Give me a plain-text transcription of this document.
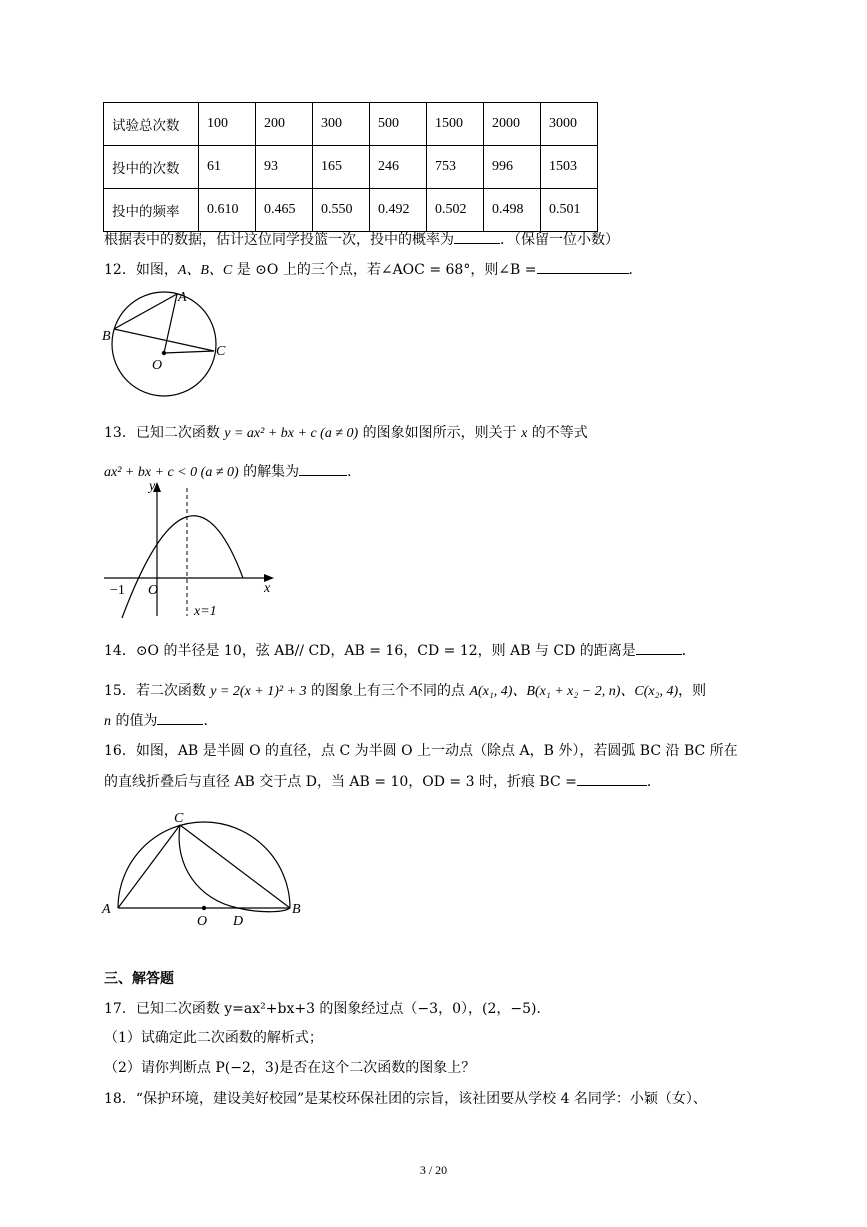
试验总次数	100	200	300	500	1500	2000	3000
投中的次数	61	93	165	246	753	996	1503
投中的频率	0.610	0.465	0.550	0.492	0.502	0.498	0.501
根据表中的数据，估计这位同学投篮一次，投中的概率为	．（保留一位小数）
12．如图，A、B、C 是 ⊙O 上的三个点，若∠AOC = 68°，则∠B =	．
A
B
C
O
13．已知二次函数 y = ax² + bx + c (a ≠ 0) 的图象如图所示，则关于 x 的不等式
ax² + bx + c < 0 (a ≠ 0) 的解集为	．
y
x
O
−1
x=1
14．⊙O 的半径是 10，弦 AB// CD，AB = 16，CD = 12，则 AB 与 CD 的距离是	．
15．若二次函数 y = 2(x + 1)² + 3 的图象上有三个不同的点 A(x₁, 4)、B(x₁ + x₂ − 2, n)、C(x₂, 4)，则
n 的值为	．
16．如图，AB 是半圆 O 的直径，点 C 为半圆 O 上一动点（除点 A，B 外），若圆弧 BC 沿 BC 所在
的直线折叠后与直径 AB 交于点 D，当 AB = 10，OD = 3 时，折痕 BC =	．
C
A	B
O D
三、解答题
17．已知二次函数 y=ax²+bx+3 的图象经过点（−3，0），(2，−5)．
（1）试确定此二次函数的解析式；
（2）请你判断点 P(−2，3)是否在这个二次函数的图象上？
18．“保护环境，建设美好校园”是某校环保社团的宗旨，该社团要从学校 4 名同学：小颖（女）、
3 / 20
